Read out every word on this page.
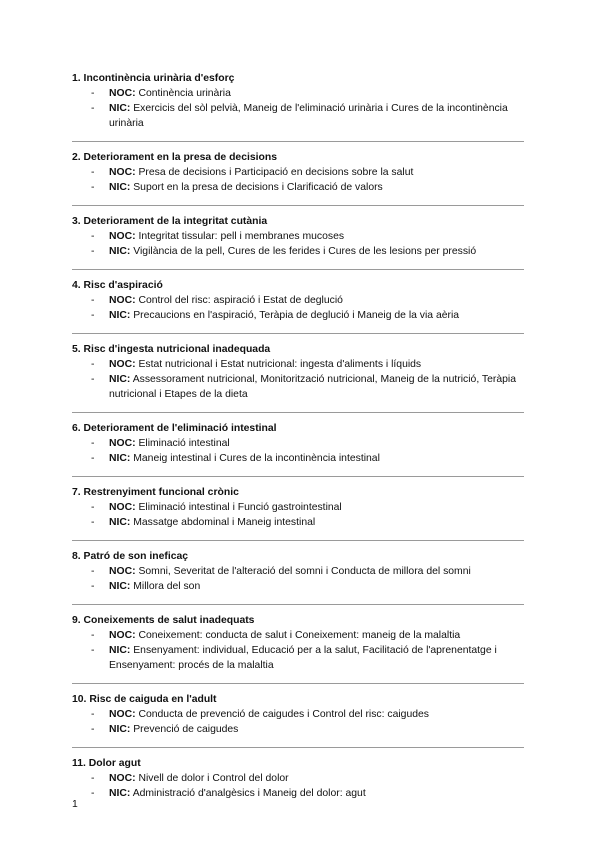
1. Incontinència urinària d'esforç

- NOC: Continència urinària
- NIC: Exercicis del sòl pelvià, Maneig de l'eliminació urinària i Cures de la incontinència urinària

2. Deteriorament en la presa de decisions

- NOC: Presa de decisions i Participació en decisions sobre la salut
- NIC: Suport en la presa de decisions i Clarificació de valors

3. Deteriorament de la integritat cutània

- NOC: Integritat tissular: pell i membranes mucoses
- NIC: Vigilància de la pell, Cures de les ferides i Cures de les lesions per pressió

4. Risc d'aspiració

- NOC: Control del risc: aspiració i Estat de deglució
- NIC: Precaucions en l'aspiració, Teràpia de deglució i Maneig de la via aèria

5. Risc d'ingesta nutricional inadequada

- NOC: Estat nutricional i Estat nutricional: ingesta d'aliments i líquids
- NIC: Assessorament nutricional, Monitorització nutricional, Maneig de la nutrició, Teràpia nutricional i Etapes de la dieta

6. Deteriorament de l'eliminació intestinal

- NOC: Eliminació intestinal
- NIC: Maneig intestinal i Cures de la incontinència intestinal

7. Restrenyiment funcional crònic

- NOC: Eliminació intestinal i Funció gastrointestinal
- NIC: Massatge abdominal i Maneig intestinal

8. Patró de son ineficaç

- NOC: Somni, Severitat de l'alteració del somni i Conducta de millora del somni
- NIC: Millora del son

9. Coneixements de salut inadequats

- NOC: Coneixement: conducta de salut i Coneixement: maneig de la malaltia
- NIC: Ensenyament: individual, Educació per a la salut, Facilitació de l'aprenentatge i Ensenyament: procés de la malaltia

10. Risc de caiguda en l'adult

- NOC: Conducta de prevenció de caigudes i Control del risc: caigudes
- NIC: Prevenció de caigudes

11. Dolor agut

- NOC: Nivell de dolor i Control del dolor
- NIC: Administració d'analgèsics i Maneig del dolor: agut
1
